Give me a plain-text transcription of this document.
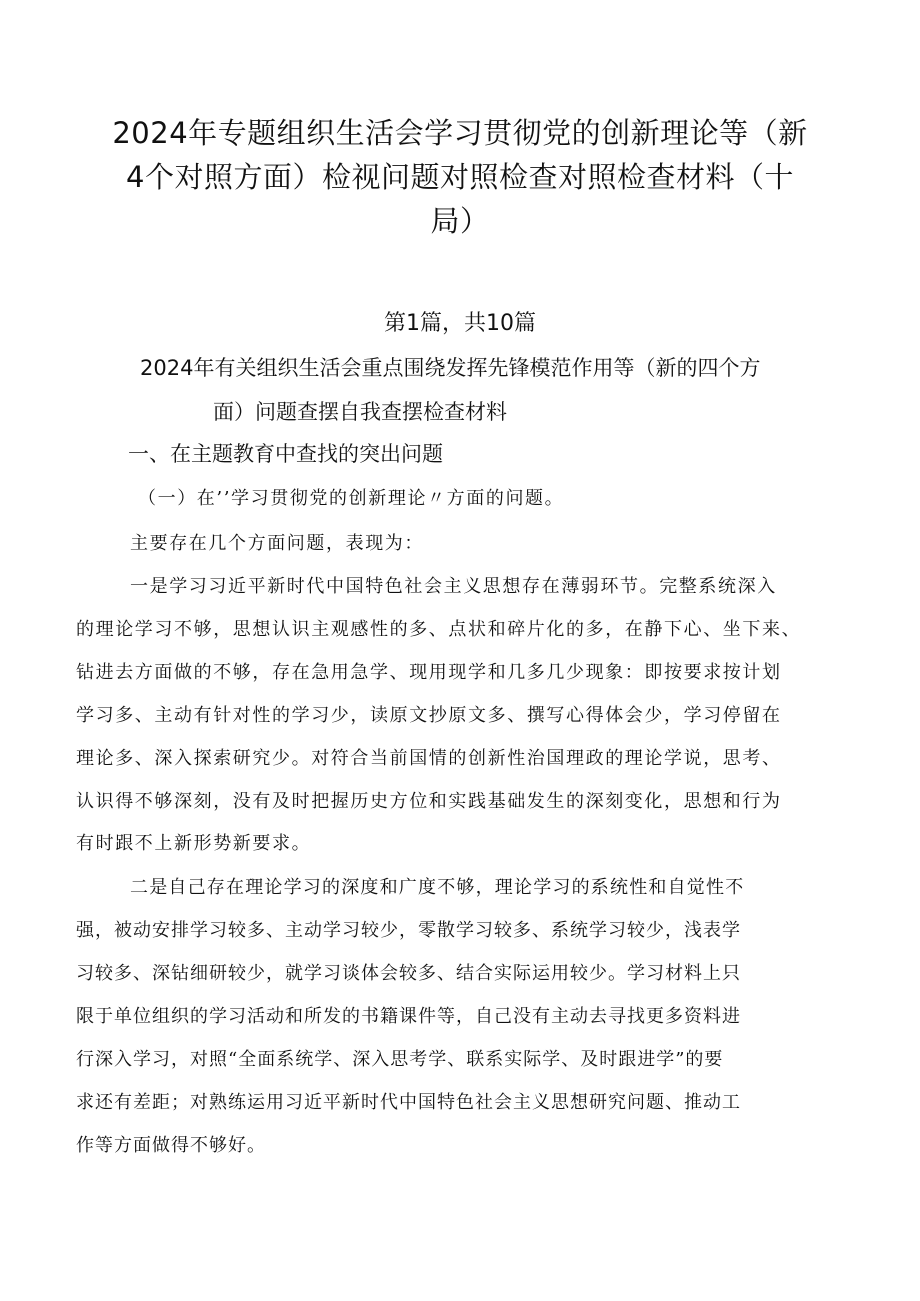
2024年专题组织生活会学习贯彻党的创新理论等（新
4个对照方面）检视问题对照检查对照检查材料（十
局）
第1篇，共10篇
2024年有关组织生活会重点围绕发挥先锋模范作用等（新的四个方
面）问题查摆自我查摆检查材料
一、在主题教育中查找的突出问题
（一）在’’学习贯彻党的创新理论〃方面的问题。
主要存在几个方面问题，表现为：
一是学习习近平新时代中国特色社会主义思想存在薄弱环节。完整系统深入
的理论学习不够，思想认识主观感性的多、点状和碎片化的多，在静下心、坐下来、
钻进去方面做的不够，存在急用急学、现用现学和几多几少现象：即按要求按计划
学习多、主动有针对性的学习少，读原文抄原文多、撰写心得体会少，学习停留在
理论多、深入探索研究少。对符合当前国情的创新性治国理政的理论学说，思考、
认识得不够深刻，没有及时把握历史方位和实践基础发生的深刻变化，思想和行为
有时跟不上新形势新要求。
二是自己存在理论学习的深度和广度不够，理论学习的系统性和自觉性不
强，被动安排学习较多、主动学习较少，零散学习较多、系统学习较少，浅表学
习较多、深钻细研较少，就学习谈体会较多、结合实际运用较少。学习材料上只
限于单位组织的学习活动和所发的书籍课件等，自己没有主动去寻找更多资料进
行深入学习，对照“全面系统学、深入思考学、联系实际学、及时跟进学”的要
求还有差距；对熟练运用习近平新时代中国特色社会主义思想研究问题、推动工
作等方面做得不够好。
